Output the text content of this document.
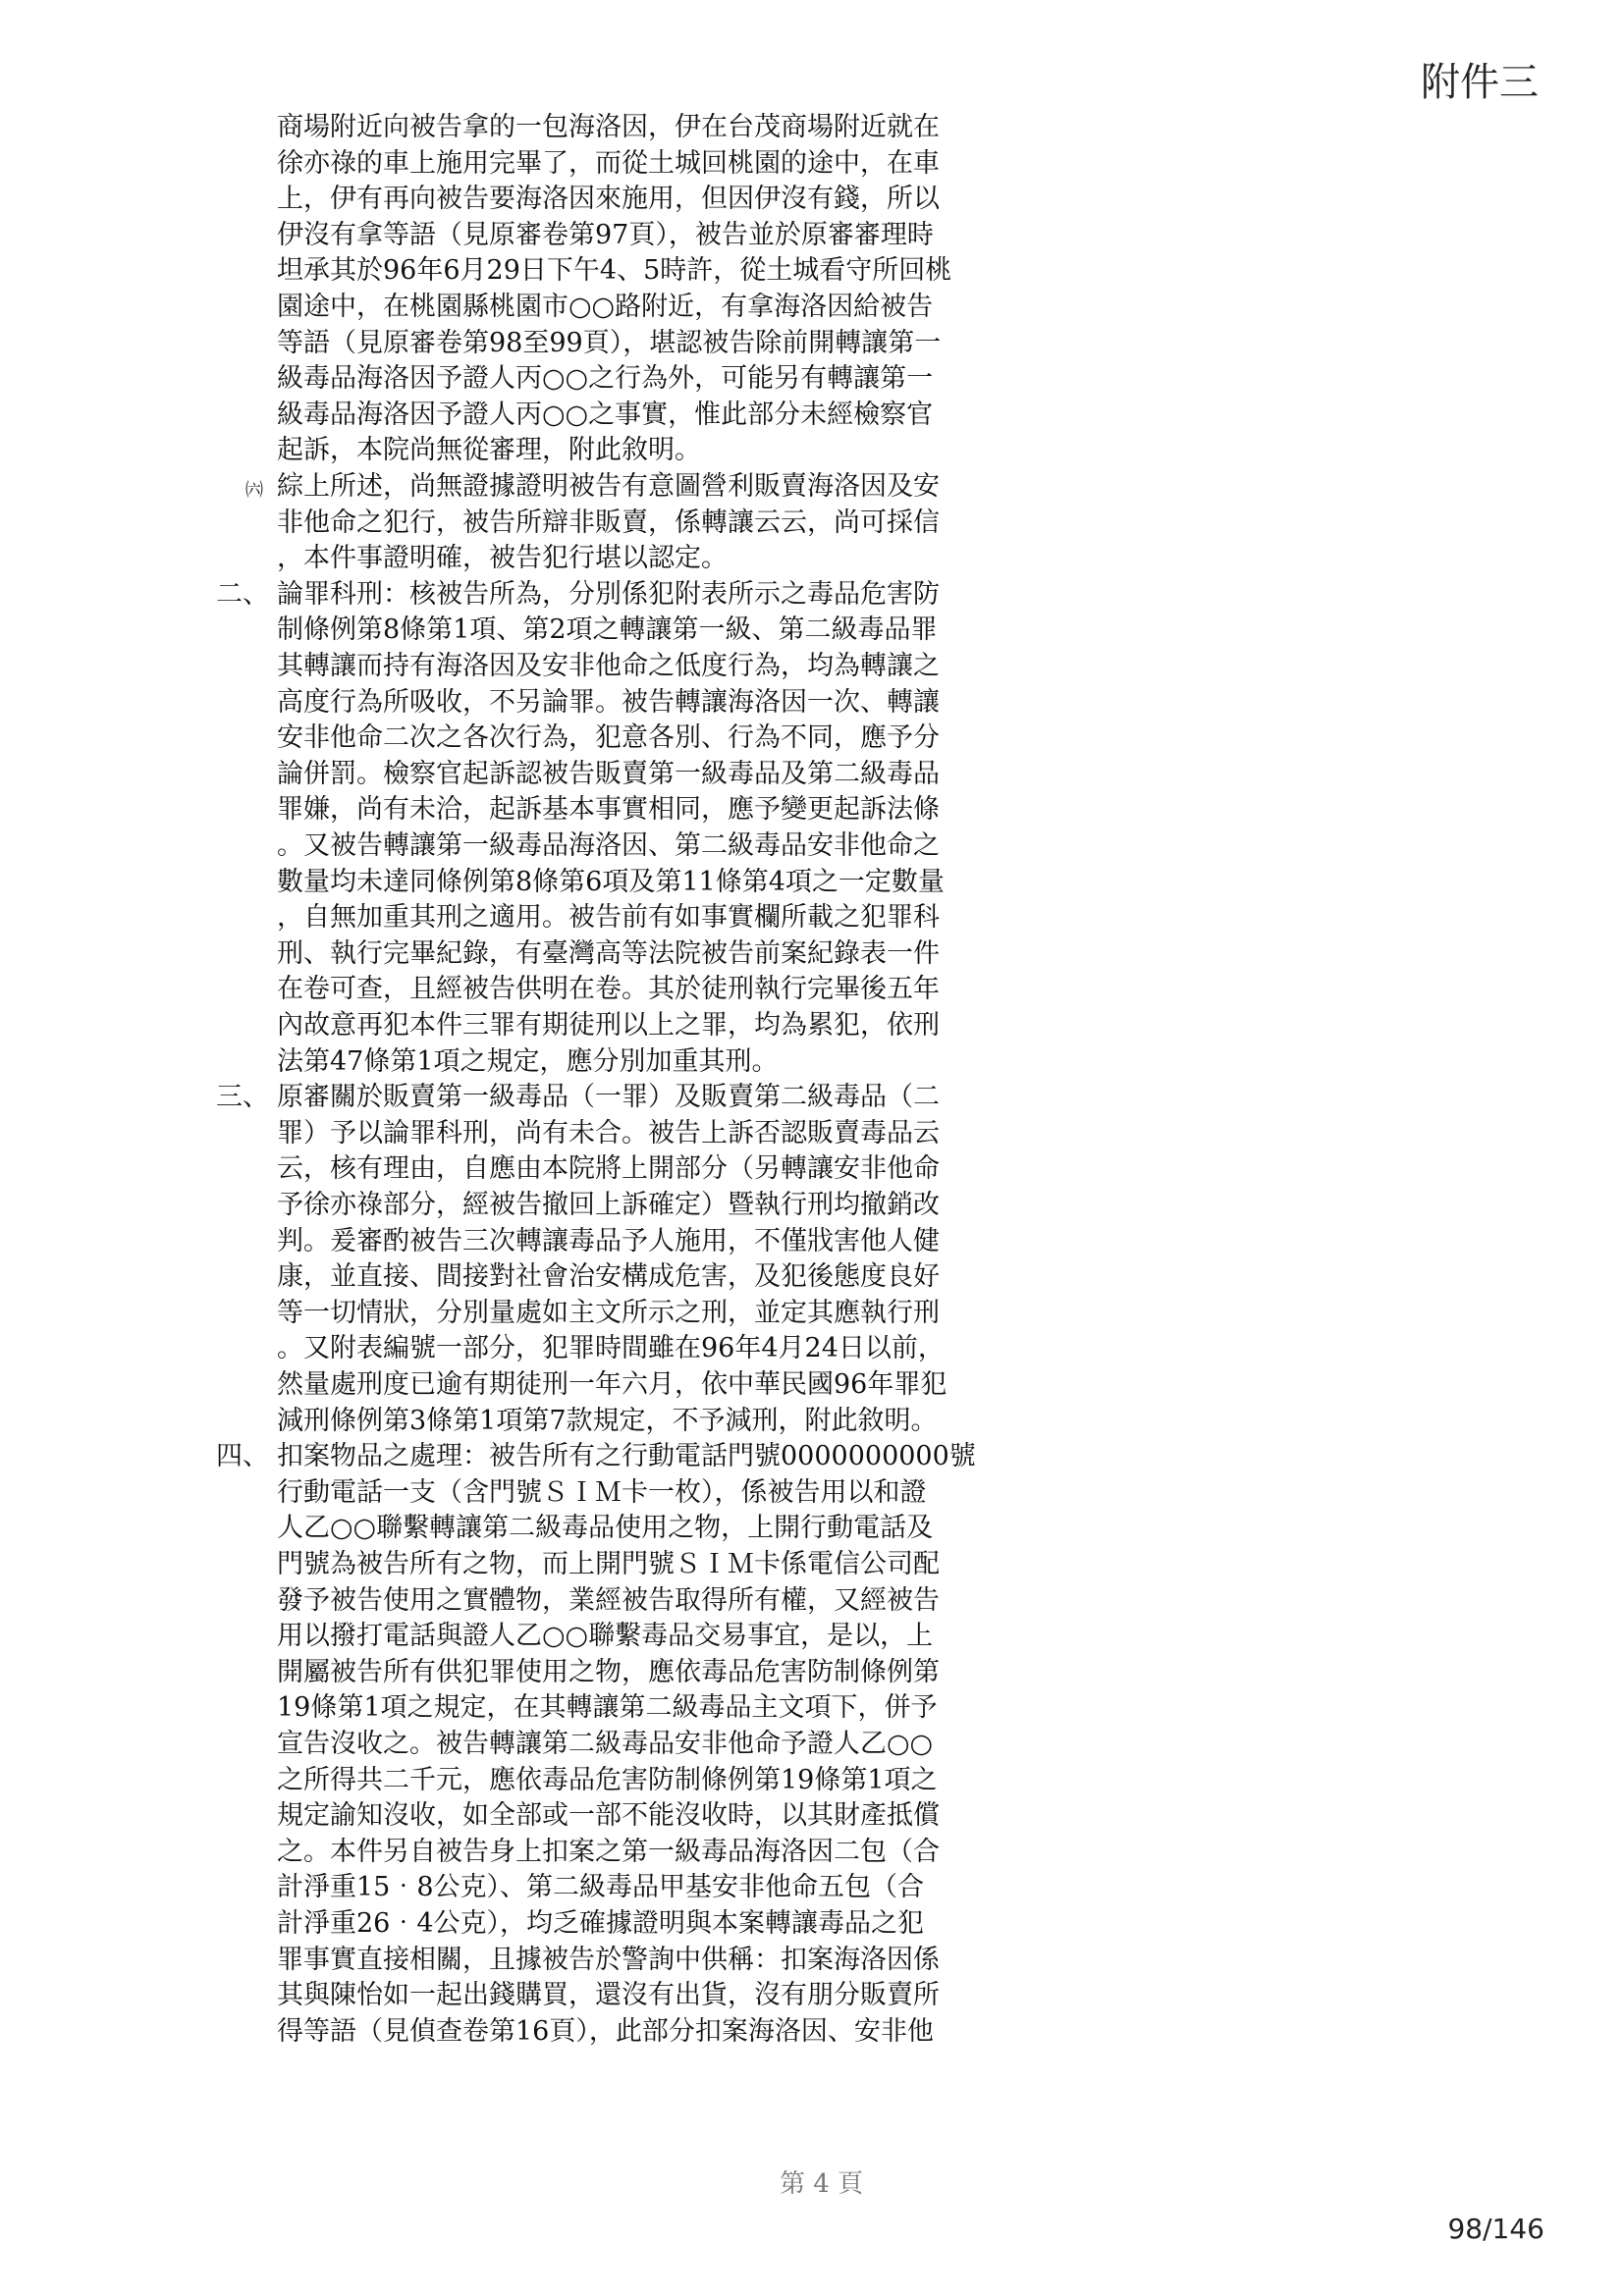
附件三
商場附近向被告拿的一包海洛因，伊在台茂商場附近就在
徐亦祿的車上施用完畢了，而從土城回桃園的途中，在車
上，伊有再向被告要海洛因來施用，但因伊沒有錢，所以
伊沒有拿等語（見原審卷第97頁），被告並於原審審理時
坦承其於96年6月29日下午4、5時許，從土城看守所回桃
園途中，在桃園縣桃園市○○路附近，有拿海洛因給被告
等語（見原審卷第98至99頁），堪認被告除前開轉讓第一
級毒品海洛因予證人丙○○之行為外，可能另有轉讓第一
級毒品海洛因予證人丙○○之事實，惟此部分未經檢察官
起訴，本院尚無從審理，附此敘明。
㈥ 綜上所述，尚無證據證明被告有意圖營利販賣海洛因及安
非他命之犯行，被告所辯非販賣，係轉讓云云，尚可採信
，本件事證明確，被告犯行堪以認定。
二、 論罪科刑：核被告所為，分別係犯附表所示之毒品危害防
制條例第8條第1項、第2項之轉讓第一級、第二級毒品罪
其轉讓而持有海洛因及安非他命之低度行為，均為轉讓之
高度行為所吸收，不另論罪。被告轉讓海洛因一次、轉讓
安非他命二次之各次行為，犯意各別、行為不同，應予分
論併罰。檢察官起訴認被告販賣第一級毒品及第二級毒品
罪嫌，尚有未洽，起訴基本事實相同，應予變更起訴法條
。又被告轉讓第一級毒品海洛因、第二級毒品安非他命之
數量均未達同條例第8條第6項及第11條第4項之一定數量
，自無加重其刑之適用。被告前有如事實欄所載之犯罪科
刑、執行完畢紀錄，有臺灣高等法院被告前案紀錄表一件
在卷可查，且經被告供明在卷。其於徒刑執行完畢後五年
內故意再犯本件三罪有期徒刑以上之罪，均為累犯，依刑
法第47條第1項之規定，應分別加重其刑。
三、 原審關於販賣第一級毒品（一罪）及販賣第二級毒品（二
罪）予以論罪科刑，尚有未合。被告上訴否認販賣毒品云
云，核有理由，自應由本院將上開部分（另轉讓安非他命
予徐亦祿部分，經被告撤回上訴確定）暨執行刑均撤銷改
判。爰審酌被告三次轉讓毒品予人施用，不僅戕害他人健
康，並直接、間接對社會治安構成危害，及犯後態度良好
等一切情狀，分別量處如主文所示之刑，並定其應執行刑
。又附表編號一部分，犯罪時間雖在96年4月24日以前，
然量處刑度已逾有期徒刑一年六月，依中華民國96年罪犯
減刑條例第3條第1項第7款規定，不予減刑，附此敘明。
四、 扣案物品之處理：被告所有之行動電話門號0000000000號
行動電話一支（含門號ＳＩＭ卡一枚），係被告用以和證
人乙○○聯繫轉讓第二級毒品使用之物，上開行動電話及
門號為被告所有之物，而上開門號ＳＩＭ卡係電信公司配
發予被告使用之實體物，業經被告取得所有權，又經被告
用以撥打電話與證人乙○○聯繫毒品交易事宜，是以，上
開屬被告所有供犯罪使用之物，應依毒品危害防制條例第
19條第1項之規定，在其轉讓第二級毒品主文項下，併予
宣告沒收之。被告轉讓第二級毒品安非他命予證人乙○○
之所得共二千元，應依毒品危害防制條例第19條第1項之
規定諭知沒收，如全部或一部不能沒收時，以其財產抵償
之。本件另自被告身上扣案之第一級毒品海洛因二包（合
計淨重15‧8公克）、第二級毒品甲基安非他命五包（合
計淨重26‧4公克），均乏確據證明與本案轉讓毒品之犯
罪事實直接相關，且據被告於警詢中供稱：扣案海洛因係
其與陳怡如一起出錢購買，還沒有出貨，沒有朋分販賣所
得等語（見偵查卷第16頁），此部分扣案海洛因、安非他
第 4 頁
98/146
